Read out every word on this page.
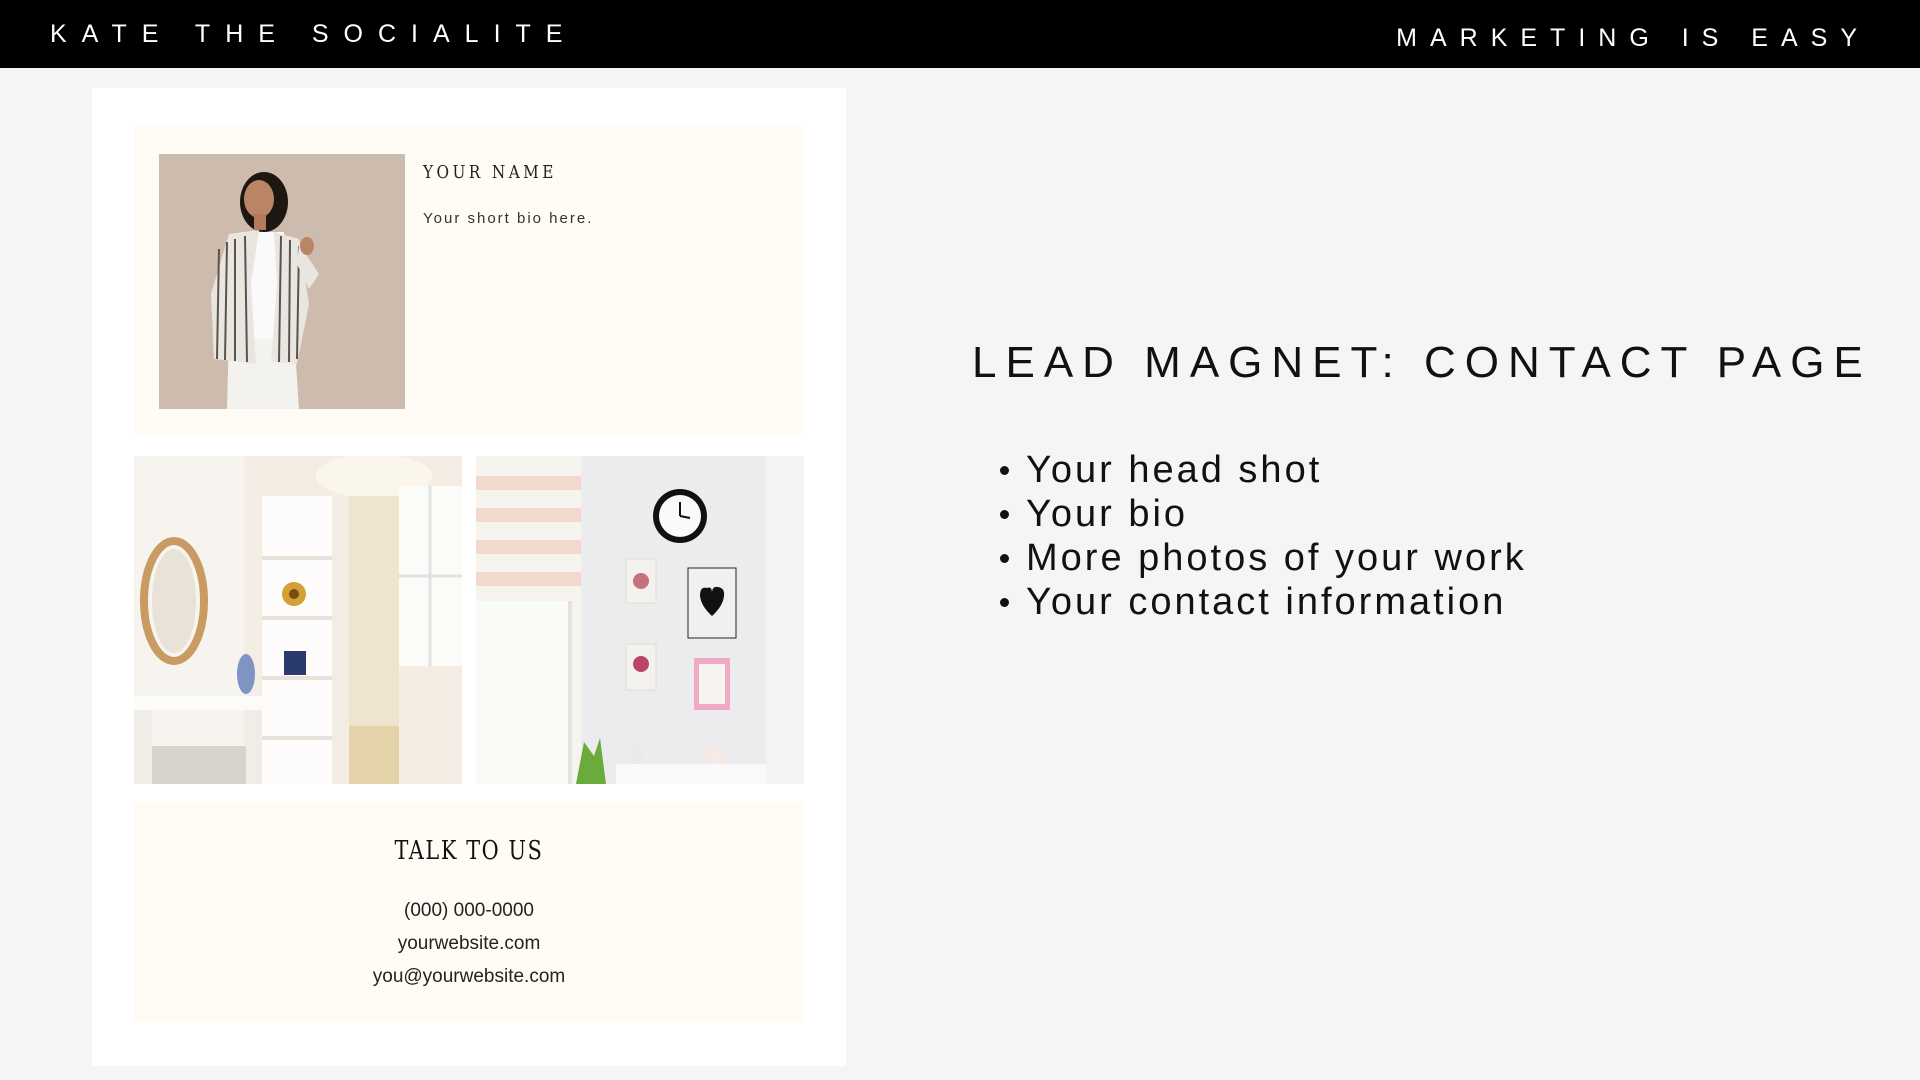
KATE THE SOCIALITE	MARKETING IS EASY
YOUR NAME
Your short bio here.
TALK TO US
(000) 000-0000
yourwebsite.com
you@yourwebsite.com
LEAD MAGNET: CONTACT PAGE
Your head shot
Your bio
More photos of your work
Your contact information
